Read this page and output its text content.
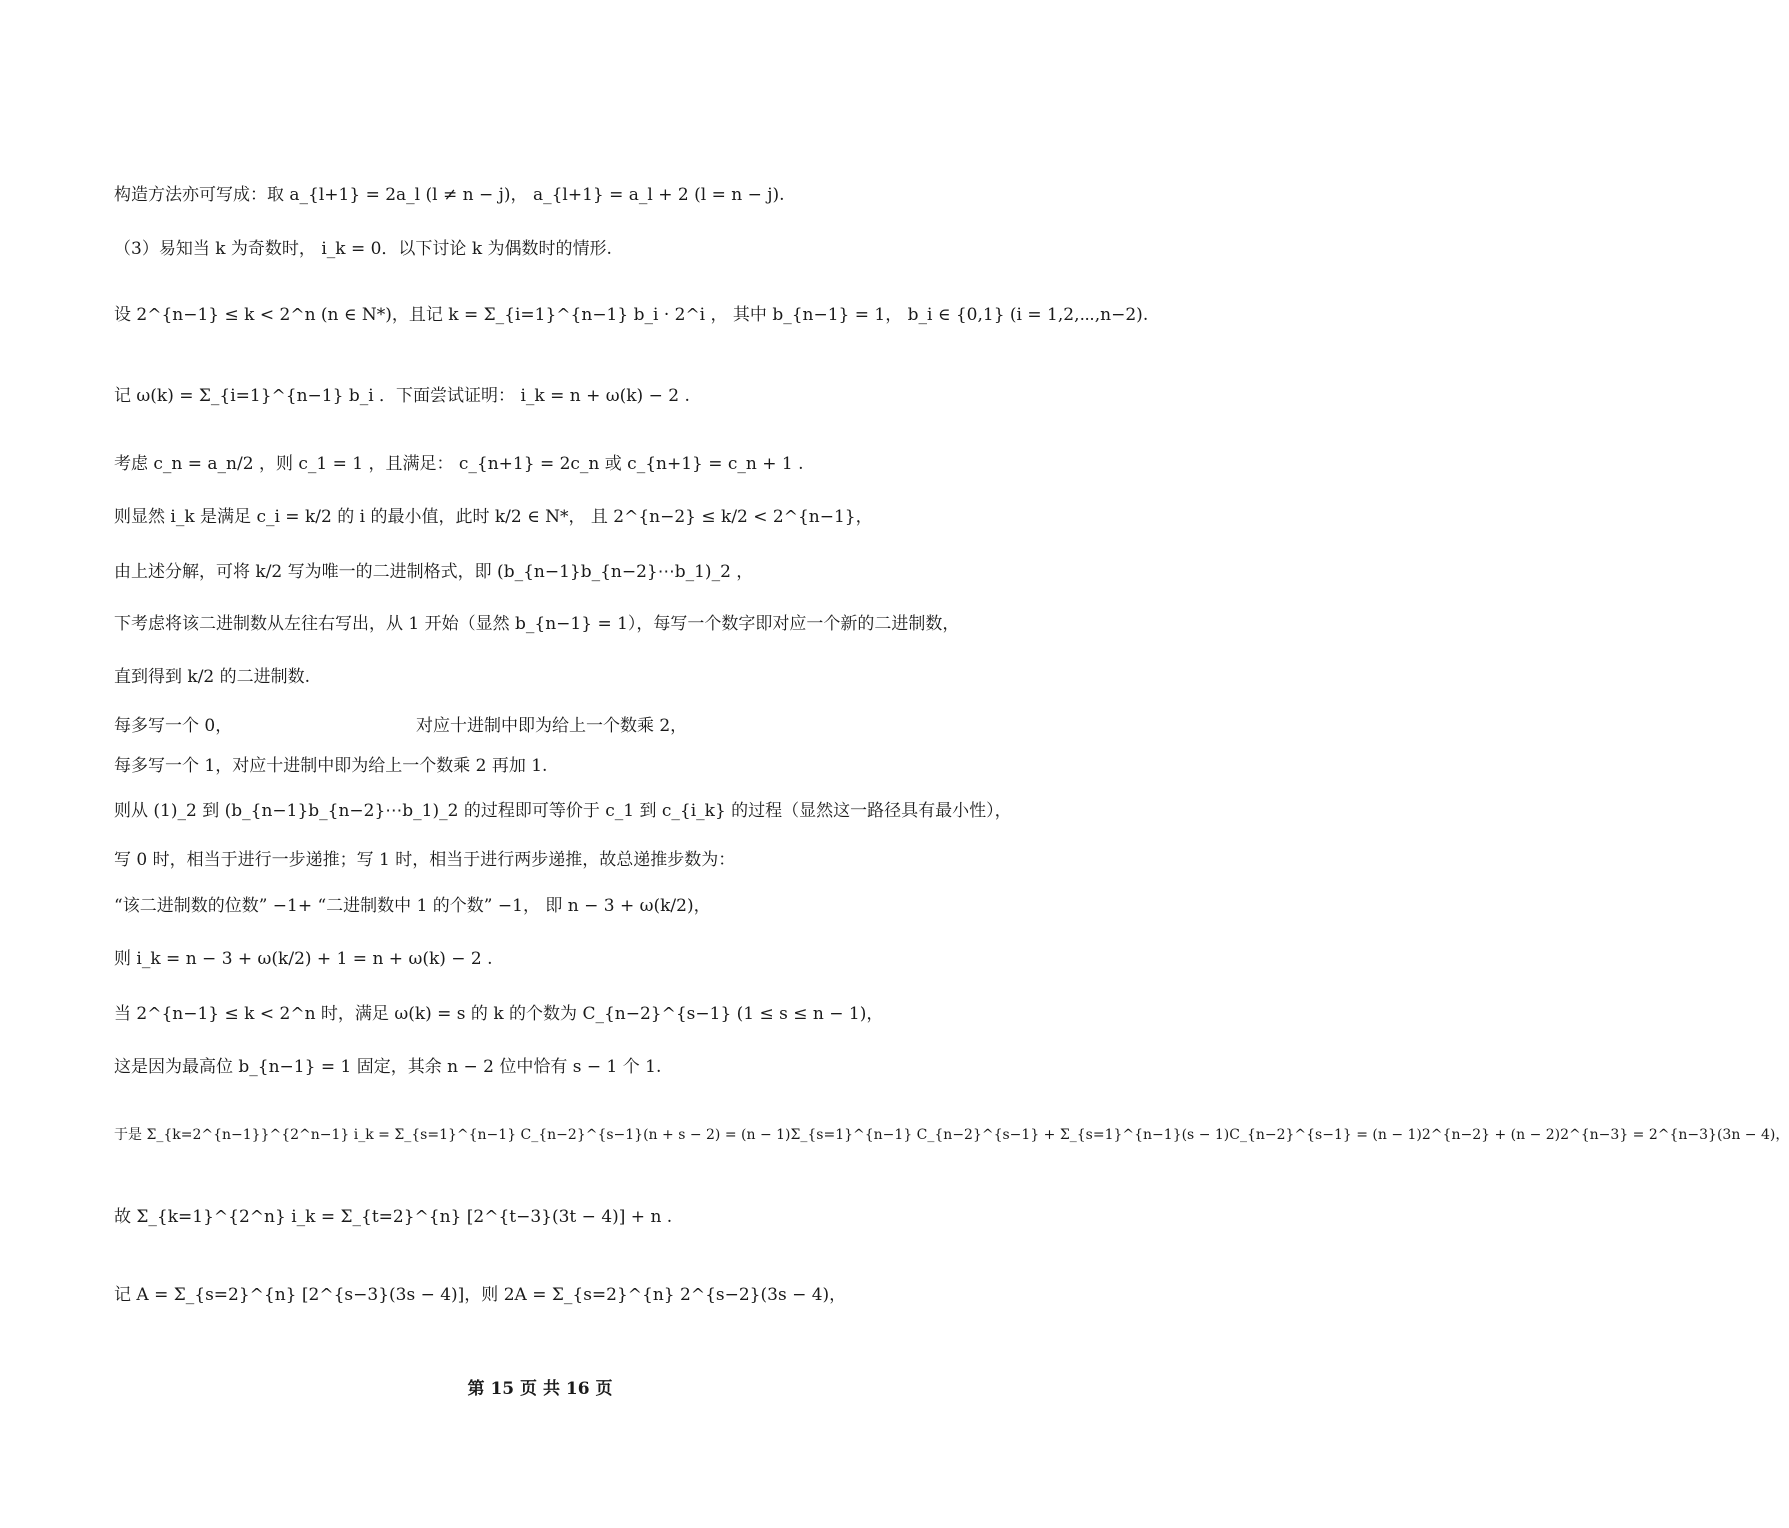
构造方法亦可写成：取 a_{l+1} = 2a_l (l ≠ n − j)， a_{l+1} = a_l + 2 (l = n − j).
（3）易知当 k 为奇数时， i_k = 0．以下讨论 k 为偶数时的情形.
设 2^{n−1} ≤ k < 2^n (n ∈ N*)，且记 k = Σ_{i=1}^{n−1} b_i · 2^i ， 其中 b_{n−1} = 1， b_i ∈ {0,1} (i = 1,2,⋯,n−2).
记 ω(k) = Σ_{i=1}^{n−1} b_i ．下面尝试证明： i_k = n + ω(k) − 2 .
考虑 c_n = a_n/2 ，则 c_1 = 1 ，且满足： c_{n+1} = 2c_n 或 c_{n+1} = c_n + 1 .
则显然 i_k 是满足 c_i = k/2 的 i 的最小值，此时 k/2 ∈ N*， 且 2^{n−2} ≤ k/2 < 2^{n−1}，
由上述分解，可将 k/2 写为唯一的二进制格式，即 (b_{n−1}b_{n−2}⋯b_1)_2 ，
下考虑将该二进制数从左往右写出，从 1 开始（显然 b_{n−1} = 1），每写一个数字即对应一个新的二进制数，
直到得到 k/2 的二进制数.
每多写一个 0，                                  对应十进制中即为给上一个数乘 2，
每多写一个 1，对应十进制中即为给上一个数乘 2 再加 1.
则从 (1)_2 到 (b_{n−1}b_{n−2}⋯b_1)_2 的过程即可等价于 c_1 到 c_{i_k} 的过程（显然这一路径具有最小性），
写 0 时，相当于进行一步递推；写 1 时，相当于进行两步递推，故总递推步数为：
“该二进制数的位数” −1+ “二进制数中 1 的个数” −1， 即 n − 3 + ω(k/2)，
则 i_k = n − 3 + ω(k/2) + 1 = n + ω(k) − 2 .
当 2^{n−1} ≤ k < 2^n 时，满足 ω(k) = s 的 k 的个数为 C_{n−2}^{s−1} (1 ≤ s ≤ n − 1)，
这是因为最高位 b_{n−1} = 1 固定，其余 n − 2 位中恰有 s − 1 个 1.
于是 Σ_{k=2^{n−1}}^{2^n−1} i_k = Σ_{s=1}^{n−1} C_{n−2}^{s−1}(n + s − 2) = (n − 1)Σ_{s=1}^{n−1} C_{n−2}^{s−1} + Σ_{s=1}^{n−1}(s − 1)C_{n−2}^{s−1} = (n − 1)2^{n−2} + (n − 2)2^{n−3} = 2^{n−3}(3n − 4)，
故 Σ_{k=1}^{2^n} i_k = Σ_{t=2}^{n} [2^{t−3}(3t − 4)] + n .
记 A = Σ_{s=2}^{n} [2^{s−3}(3s − 4)]，则 2A = Σ_{s=2}^{n} 2^{s−2}(3s − 4)，
第 15 页 共 16 页
